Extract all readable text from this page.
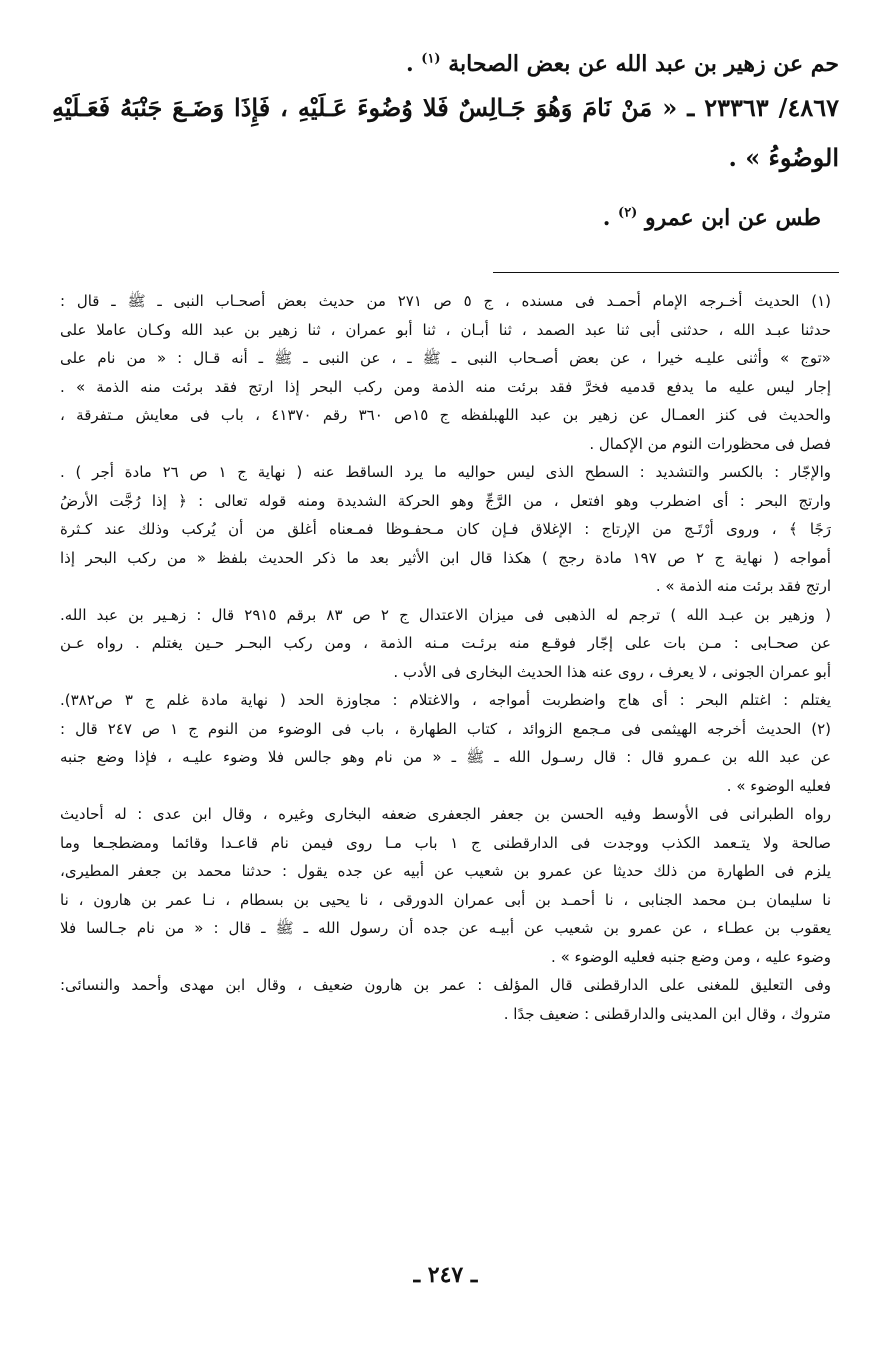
حم عن زهير بن عبد الله عن بعض الصحابة $^{(١)}$ .

٤٨٦٧/ ٢٣٣٦٣ ـ « مَنْ نَامَ وَهُوَ جَـالِسٌ فَلا وُضُوءَ عَـلَيْهِ ، فَإِذَا وَضَـعَ جَنْبَهُ فَعَـلَيْهِ

الوضُوءُ » .

طس عن ابن عمرو $^{(٢)}$ .

(١) الحديث أخـرجه الإمام أحمـد فى مسنده ، ج ٥ ص ٢٧١ من حديث بعض أصحـاب النبى ـ ﷺ ـ قال :

حدثنا عبـد الله ، حدثنى أبى ثنا عبد الصمد ، ثنا أبـان ، ثنا أبو عمران ، ثنا زهير بن عبد الله وكـان عاملا على

«توج » وأثنى عليـه خيرا ، عن بعض أصـحاب النبى ـ ﷺ ـ ، عن النبى ـ ﷺ ـ أنه قـال : « من نام على

إجار ليس عليه ما يدفع قدميه فخرَّ فقد برئت منه الذمة ومن ركب البحر إذا ارتج فقد برئت منه الذمة » .

والحديث فى كنز العمـال عن زهير بن عبد اللهبلفظه ج ١٥ص ٣٦٠ رقم ٤١٣٧٠ ، باب فى معايش مـتفرقة ،

فصل فى محظورات النوم من الإكمال .

والإجّار : بالكسر والتشديد : السطح الذى ليس حواليه ما يرد الساقط عنه ( نهاية ج ١ ص ٢٦ مادة أجر ) .

وارتج البحر : أى اضطرب وهو افتعل ، من الرَّجِّ وهو الحركة الشديدة ومنه قوله تعالى : ﴿ إذا رُجَّت الأرضُ

رَجًا ﴾ ، وروى أرْتَـج من الإرتاج : الإغلاق فـإن كان مـحفـوظا فمـعناه أغلق من أن يُركب وذلك عند كـثرة

أمواجه ( نهاية ج ٢ ص ١٩٧ مادة رجج ) هكذا قال ابن الأثير بعد ما ذكر الحديث بلفظ « من ركب البحر إذا

ارتج فقد برئت منه الذمة » .

( وزهير بن عبـد الله ) ترجم له الذهبى فى ميزان الاعتدال ج ٢ ص ٨٣ برقم ٢٩١٥ قال : زهـير بن عبد الله.

عن صحـابى : مـن بات على إجّار فوقـع منه برئـت مـنه الذمة ، ومن ركب البحـر حـين يغتلم . رواه عـن

أبو عمران الجونى ، لا يعرف ، روى عنه هذا الحديث البخارى فى الأدب .

يغتلم : اغتلم البحر : أى هاج واضطربت أمواجه ، والاغتلام : مجاوزة الحد ( نهاية مادة غلم ج ٣ ص٣٨٢).

(٢) الحديث أخرجه الهيثمى فى مـجمع الزوائد ، كتاب الطهارة ، باب فى الوضوء من النوم ج ١ ص ٢٤٧ قال :

عن عبد الله بن عـمرو قال : قال رسـول الله ـ ﷺ ـ « من نام وهو جالس فلا وضوء عليـه ، فإذا وضع جنبه

فعليه الوضوء » .

رواه الطبرانى فى الأوسط وفيه الحسن بن جعفر الجعفرى ضعفه البخارى وغيره ، وقال ابن عدى : له أحاديث

صالحة ولا يتـعمد الكذب ووجدت فى الدارقطنى ج ١ باب مـا روى فيمن نام قاعـدا وقائما ومضطجـعا وما

يلزم فى الطهارة من ذلك حديثا عن عمرو بن شعيب عن أبيه عن جده يقول : حدثنا محمد بن جعفر المطيرى،

نا سليمان بـن محمد الجنابى ، نا أحمـد بن أبى عمران الدورقى ، نا يحيى بن بسطام ، نـا عمر بن هارون ، نا

يعقوب بن عطـاء ، عن عمرو بن شعيب عن أبيـه عن جده أن رسول الله ـ ﷺ ـ قال : « من نام جـالسا فلا

وضوء عليه ، ومن وضع جنبه فعليه الوضوء » .

وفى التعليق للمغنى على الدارقطنى قال المؤلف : عمر بن هارون ضعيف ، وقال ابن مهدى وأحمد والنسائى:

متروك ، وقال ابن المدينى والدارقطنى : ضعيف جدًا .

ـ ٢٤٧ ـ
